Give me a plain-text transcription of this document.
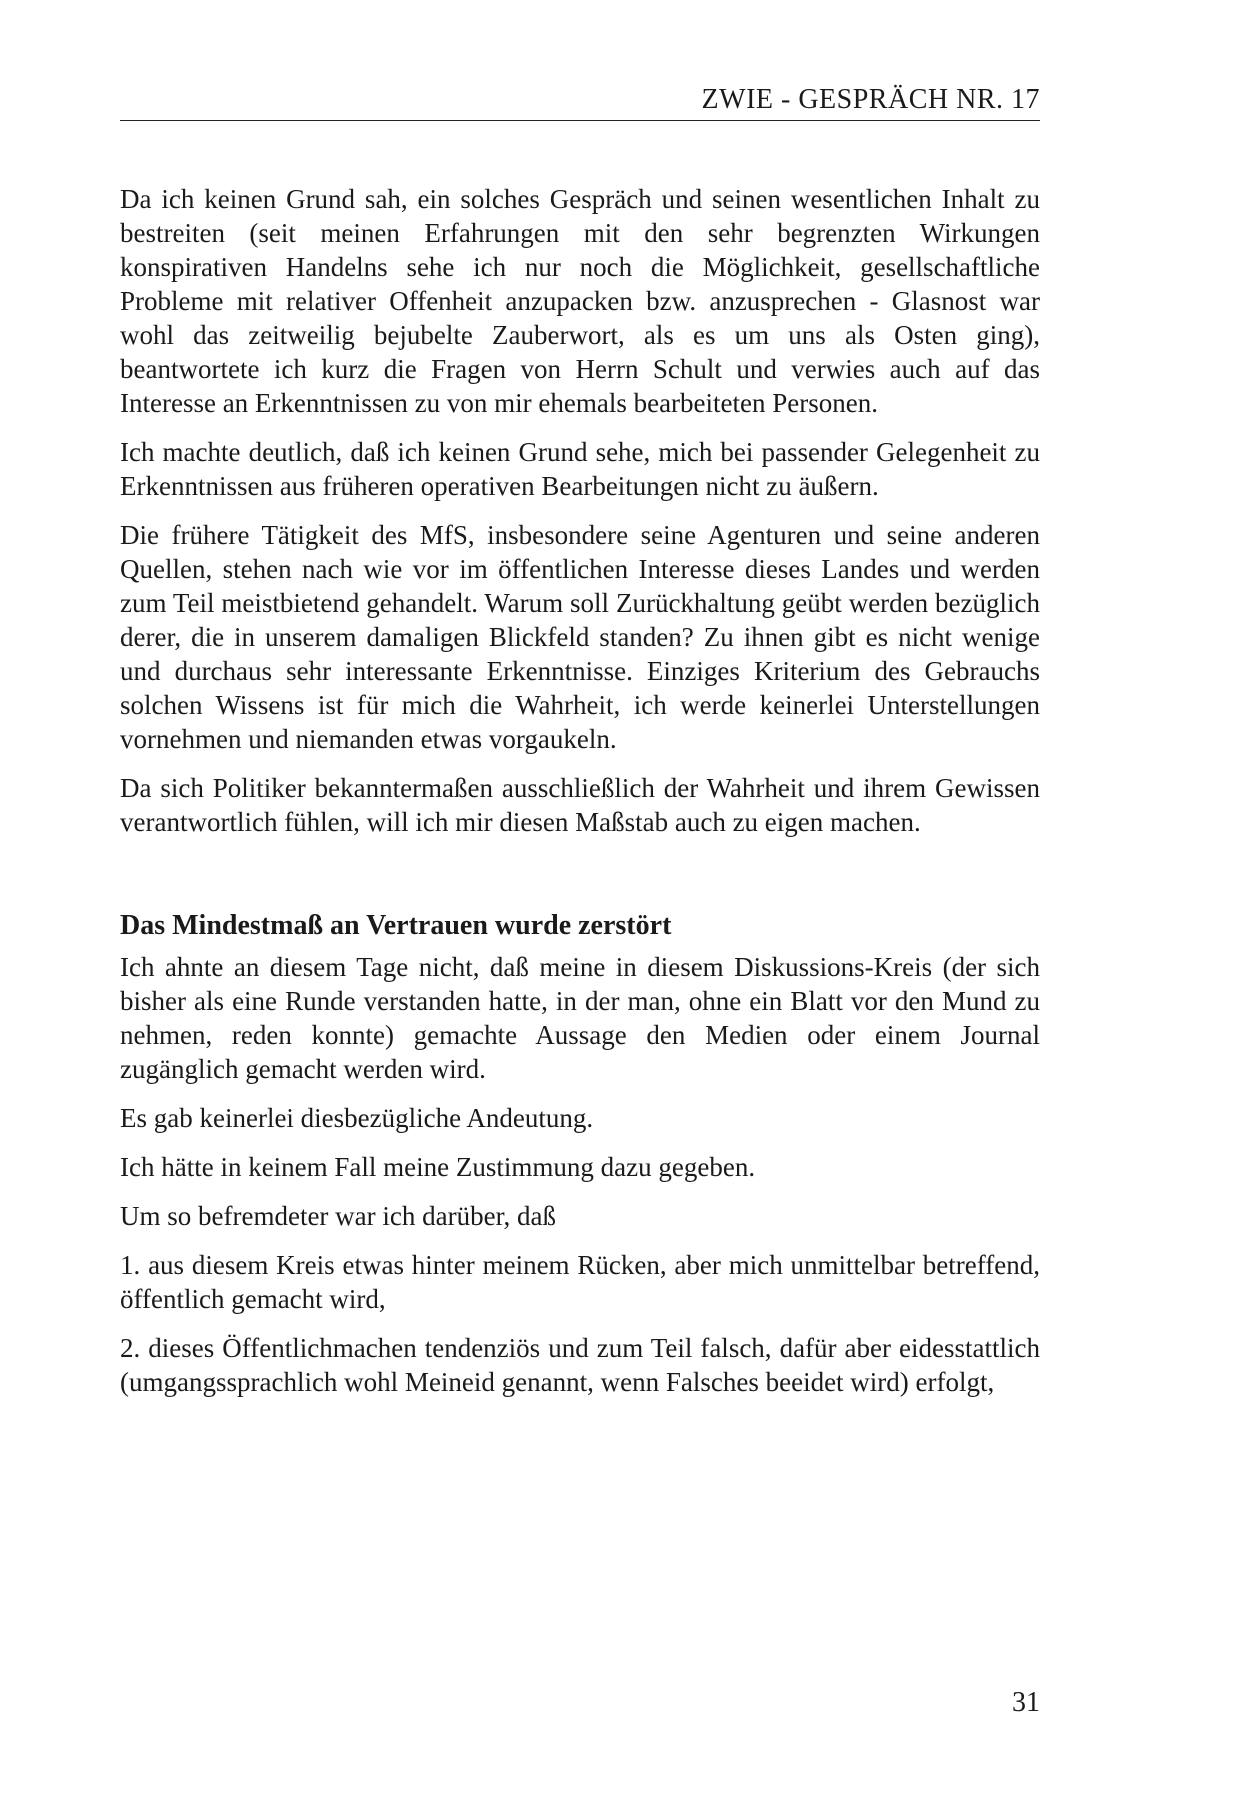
ZWIE - GESPRÄCH NR. 17

Da ich keinen Grund sah, ein solches Gespräch und seinen wesentlichen Inhalt zu bestreiten (seit meinen Erfahrungen mit den sehr begrenzten Wirkungen konspirativen Handelns sehe ich nur noch die Möglichkeit, gesellschaftliche Probleme mit relativer Offenheit anzupacken bzw. anzusprechen - Glasnost war wohl das zeitweilig bejubelte Zauberwort, als es um uns als Osten ging), beantwortete ich kurz die Fragen von Herrn Schult und verwies auch auf das Interesse an Erkenntnissen zu von mir ehemals bearbeiteten Personen.

Ich machte deutlich, daß ich keinen Grund sehe, mich bei passender Gelegenheit zu Erkenntnissen aus früheren operativen Bearbeitungen nicht zu äußern.

Die frühere Tätigkeit des MfS, insbesondere seine Agenturen und seine anderen Quellen, stehen nach wie vor im öffentlichen Interesse dieses Landes und werden zum Teil meistbietend gehandelt. Warum soll Zurückhaltung geübt werden bezüglich derer, die in unserem damaligen Blickfeld standen? Zu ihnen gibt es nicht wenige und durchaus sehr interessante Erkenntnisse. Einziges Kriterium des Gebrauchs solchen Wissens ist für mich die Wahrheit, ich werde keinerlei Unterstellungen vornehmen und niemanden etwas vorgaukeln.

Da sich Politiker bekanntermaßen ausschließlich der Wahrheit und ihrem Gewissen verantwortlich fühlen, will ich mir diesen Maßstab auch zu eigen machen.

Das Mindestmaß an Vertrauen wurde zerstört

Ich ahnte an diesem Tage nicht, daß meine in diesem Diskussions-Kreis (der sich bisher als eine Runde verstanden hatte, in der man, ohne ein Blatt vor den Mund zu nehmen, reden konnte) gemachte Aussage den Medien oder einem Journal zugänglich gemacht werden wird.

Es gab keinerlei diesbezügliche Andeutung.

Ich hätte in keinem Fall meine Zustimmung dazu gegeben.

Um so befremdeter war ich darüber, daß

1. aus diesem Kreis etwas hinter meinem Rücken, aber mich unmittelbar betreffend, öffentlich gemacht wird,

2. dieses Öffentlichmachen tendenziös und zum Teil falsch, dafür aber eidesstattlich (umgangssprachlich wohl Meineid genannt, wenn Falsches beeidet wird) erfolgt,

31
